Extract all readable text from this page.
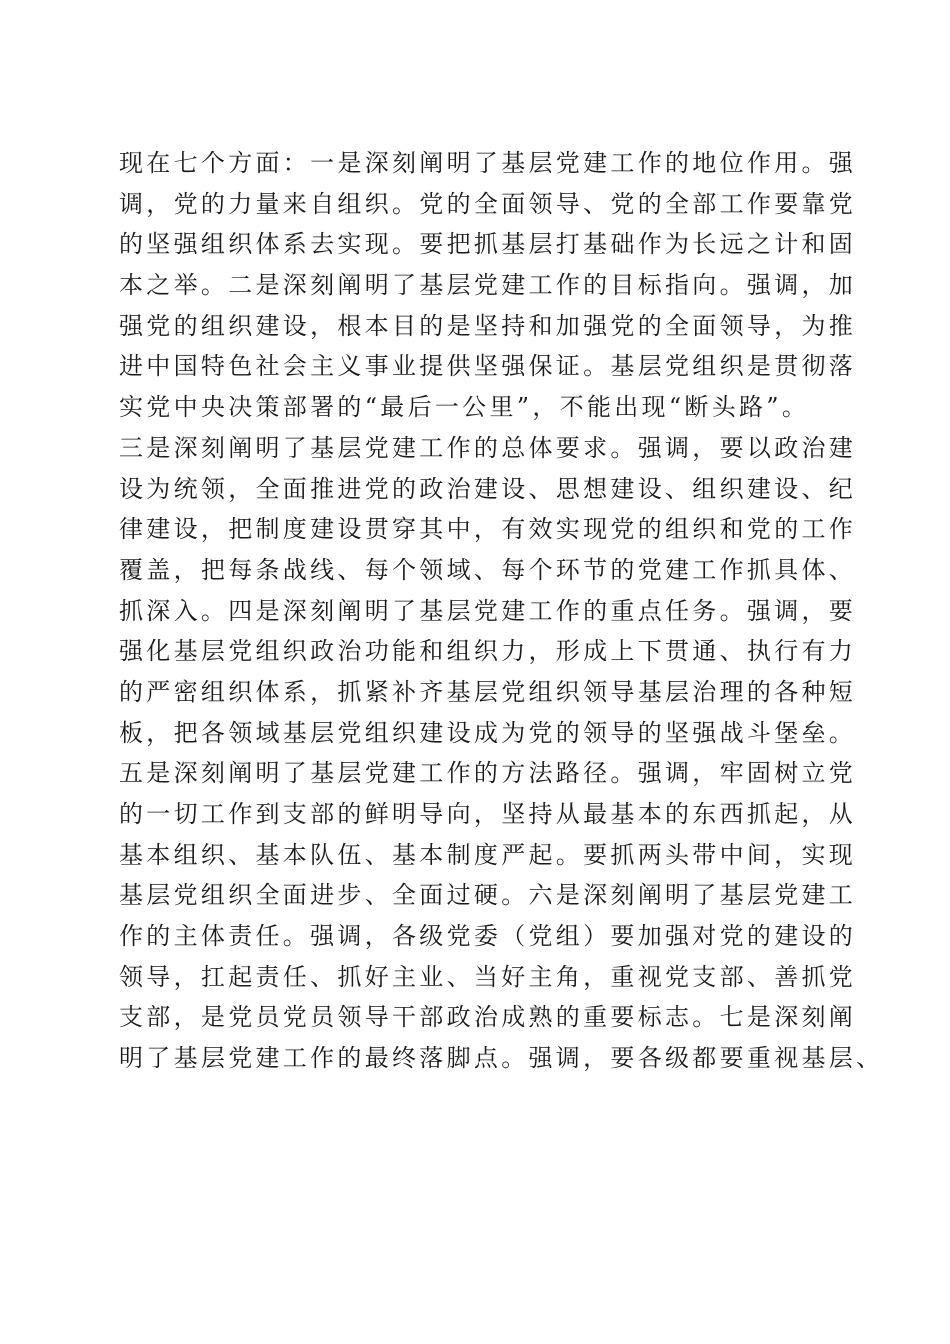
现在七个方面：一是深刻阐明了基层党建工作的地位作用。强
调，党的力量来自组织。党的全面领导、党的全部工作要靠党
的坚强组织体系去实现。要把抓基层打基础作为长远之计和固
本之举。二是深刻阐明了基层党建工作的目标指向。强调，加
强党的组织建设，根本目的是坚持和加强党的全面领导，为推
进中国特色社会主义事业提供坚强保证。基层党组织是贯彻落
实党中央决策部署的“最后一公里”，不能出现“断头路”。
三是深刻阐明了基层党建工作的总体要求。强调，要以政治建
设为统领，全面推进党的政治建设、思想建设、组织建设、纪
律建设，把制度建设贯穿其中，有效实现党的组织和党的工作
覆盖，把每条战线、每个领域、每个环节的党建工作抓具体、
抓深入。四是深刻阐明了基层党建工作的重点任务。强调，要
强化基层党组织政治功能和组织力，形成上下贯通、执行有力
的严密组织体系，抓紧补齐基层党组织领导基层治理的各种短
板，把各领域基层党组织建设成为党的领导的坚强战斗堡垒。
五是深刻阐明了基层党建工作的方法路径。强调，牢固树立党
的一切工作到支部的鲜明导向，坚持从最基本的东西抓起，从
基本组织、基本队伍、基本制度严起。要抓两头带中间，实现
基层党组织全面进步、全面过硬。六是深刻阐明了基层党建工
作的主体责任。强调，各级党委（党组）要加强对党的建设的
领导，扛起责任、抓好主业、当好主角，重视党支部、善抓党
支部，是党员党员领导干部政治成熟的重要标志。七是深刻阐
明了基层党建工作的最终落脚点。强调，要各级都要重视基层、
